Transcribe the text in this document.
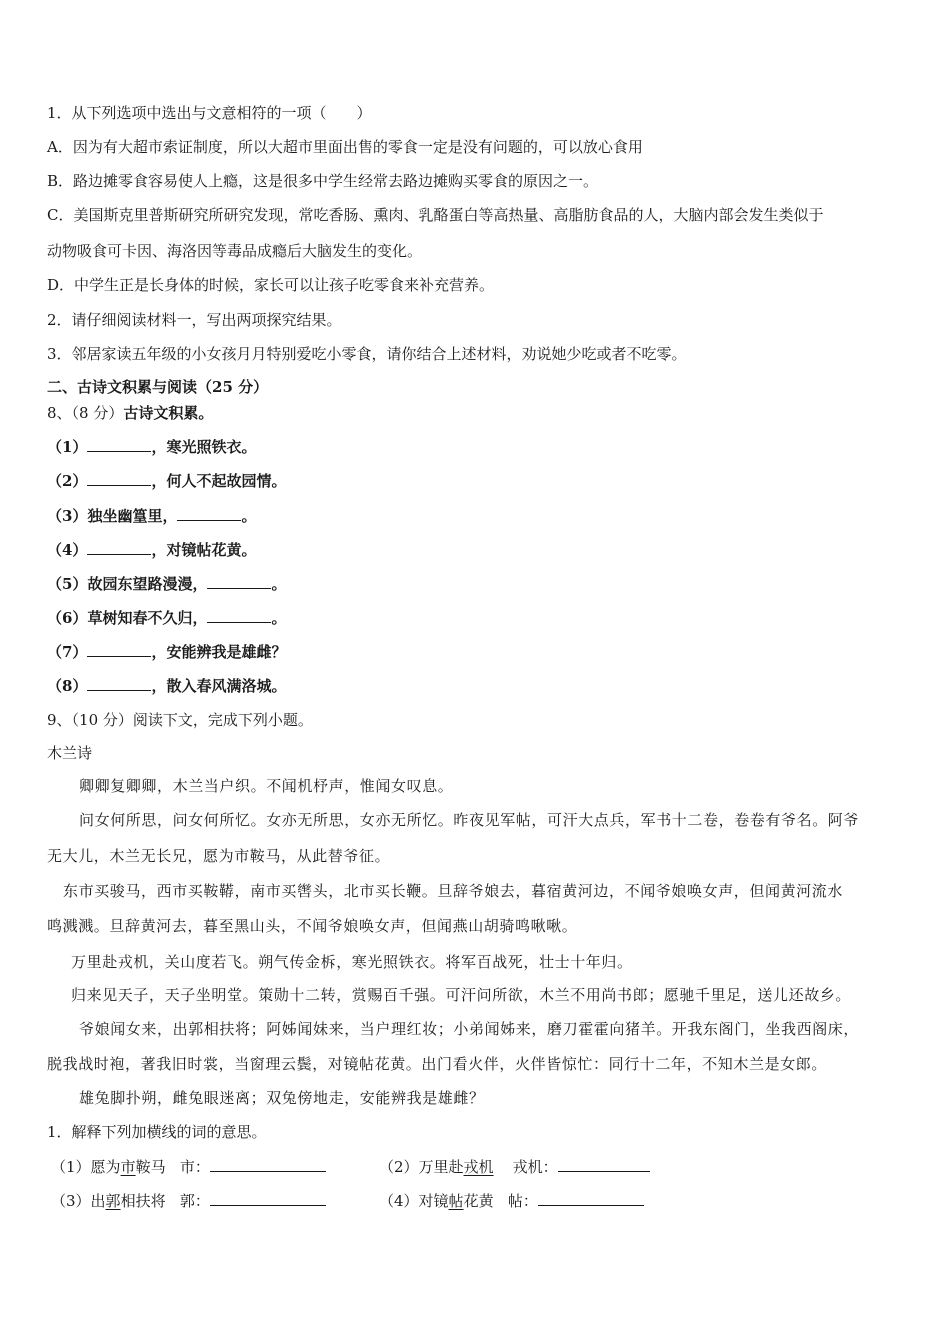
1．从下列选项中选出与文意相符的一项（　　）
A．因为有大超市索证制度，所以大超市里面出售的零食一定是没有问题的，可以放心食用
B．路边摊零食容易使人上瘾，这是很多中学生经常去路边摊购买零食的原因之一。
C．美国斯克里普斯研究所研究发现，常吃香肠、熏肉、乳酪蛋白等高热量、高脂肪食品的人，大脑内部会发生类似于
动物吸食可卡因、海洛因等毒品成瘾后大脑发生的变化。
D．中学生正是长身体的时候，家长可以让孩子吃零食来补充营养。
2．请仔细阅读材料一，写出两项探究结果。
3．邻居家读五年级的小女孩月月特别爱吃小零食，请你结合上述材料，劝说她少吃或者不吃零。
二、古诗文积累与阅读（25 分）
8、（8 分）古诗文积累。
（1）	，寒光照铁衣。
（2）	，何人不起故园情。
（3）独坐幽篁里，	。
（4）	，对镜帖花黄。
（5）故园东望路漫漫，	。
（6）草树知春不久归，	。
（7）	，安能辨我是雄雌？
（8）	，散入春风满洛城。
9、（10 分）阅读下文，完成下列小题。
木兰诗
卿卿复卿卿，木兰当户织。不闻机杼声，惟闻女叹息。
问女何所思，问女何所忆。女亦无所思，女亦无所忆。昨夜见军帖，可汗大点兵，军书十二卷，卷卷有爷名。阿爷
无大儿，木兰无长兄，愿为市鞍马，从此替爷征。
东市买骏马，西市买鞍鞯，南市买辔头，北市买长鞭。旦辞爷娘去，暮宿黄河边，不闻爷娘唤女声，但闻黄河流水
鸣溅溅。旦辞黄河去，暮至黑山头，不闻爷娘唤女声，但闻燕山胡骑鸣啾啾。
万里赴戎机，关山度若飞。朔气传金柝，寒光照铁衣。将军百战死，壮士十年归。
归来见天子，天子坐明堂。策勋十二转，赏赐百千强。可汗问所欲，木兰不用尚书郎；愿驰千里足，送儿还故乡。
爷娘闻女来，出郭相扶将；阿姊闻妹来，当户理红妆；小弟闻姊来，磨刀霍霍向猪羊。开我东阁门，坐我西阁床，
脱我战时袍，著我旧时裳，当窗理云鬓，对镜帖花黄。出门看火伴，火伴皆惊忙：同行十二年，不知木兰是女郎。
雄兔脚扑朔，雌兔眼迷离；双兔傍地走，安能辨我是雄雌？
1．解释下列加横线的词的意思。
（1）愿为市鞍马 市：	（2）万里赴戎机 戎机：
（3）出郭相扶将 郭：	（4）对镜帖花黄 帖：
